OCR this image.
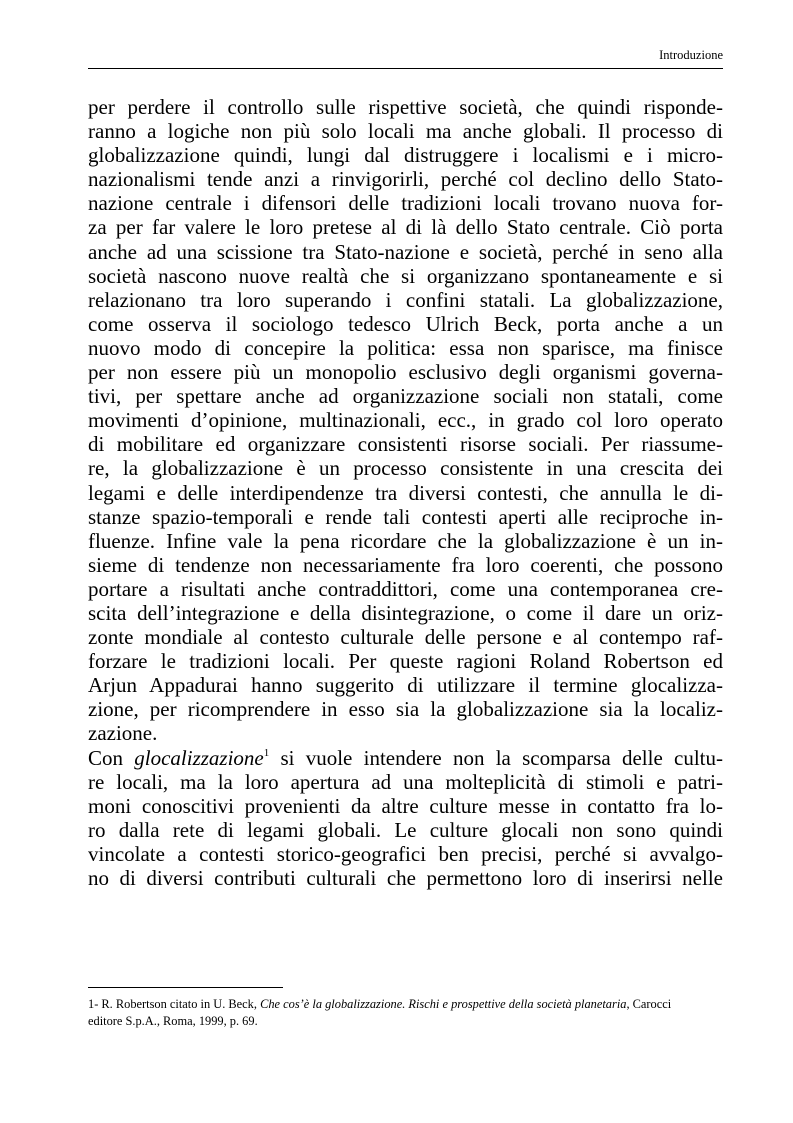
Introduzione
per perdere il controllo sulle rispettive società, che quindi risponde-
ranno a logiche non più solo locali ma anche globali. Il processo di
globalizzazione quindi, lungi dal distruggere i localismi e i micro-
nazionalismi tende anzi a rinvigorirli, perché col declino dello Stato-
nazione centrale i difensori delle tradizioni locali trovano nuova for-
za per far valere le loro pretese al di là dello Stato centrale. Ciò porta
anche ad una scissione tra Stato-nazione e società, perché in seno alla
società nascono nuove realtà che si organizzano spontaneamente e si
relazionano tra loro superando i confini statali. La globalizzazione,
come osserva il sociologo tedesco Ulrich Beck, porta anche a un
nuovo modo di concepire la politica: essa non sparisce, ma finisce
per non essere più un monopolio esclusivo degli organismi governa-
tivi, per spettare anche ad organizzazione sociali non statali, come
movimenti d’opinione, multinazionali, ecc., in grado col loro operato
di mobilitare ed organizzare consistenti risorse sociali. Per riassume-
re, la globalizzazione è un processo consistente in una crescita dei
legami e delle interdipendenze tra diversi contesti, che annulla le di-
stanze spazio-temporali e rende tali contesti aperti alle reciproche in-
fluenze. Infine vale la pena ricordare che la globalizzazione è un in-
sieme di tendenze non necessariamente fra loro coerenti, che possono
portare a risultati anche contraddittori, come una contemporanea cre-
scita dell’integrazione e della disintegrazione, o come il dare un oriz-
zonte mondiale al contesto culturale delle persone e al contempo raf-
forzare le tradizioni locali. Per queste ragioni Roland Robertson ed
Arjun Appadurai hanno suggerito di utilizzare il termine glocalizza-
zione, per ricomprendere in esso sia la globalizzazione sia la localiz-
zazione.
Con glocalizzazione$^1$ si vuole intendere non la scomparsa delle cultu-
re locali, ma la loro apertura ad una molteplicità di stimoli e patri-
moni conoscitivi provenienti da altre culture messe in contatto fra lo-
ro dalla rete di legami globali. Le culture glocali non sono quindi
vincolate a contesti storico-geografici ben precisi, perché si avvalgo-
no di diversi contributi culturali che permettono loro di inserirsi nelle
1- R. Robertson citato in U. Beck, Che cos’è la globalizzazione. Rischi e prospettive della società planetaria, Carocci
editore S.p.A., Roma, 1999, p. 69.
